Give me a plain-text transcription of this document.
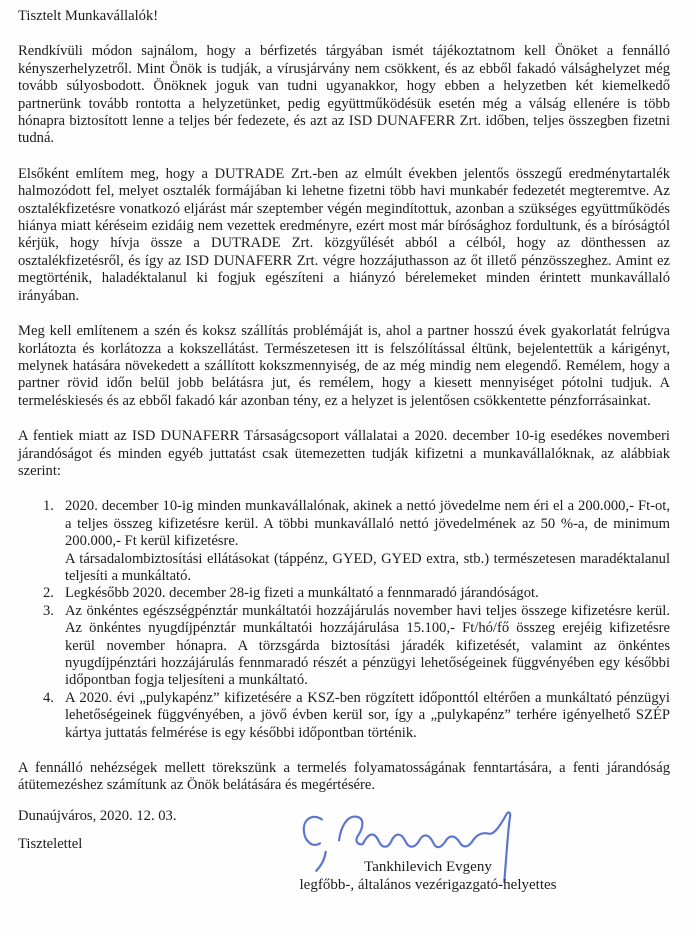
Tisztelt Munkavállalók!

Rendkívüli módon sajnálom, hogy a bérfizetés tárgyában ismét tájékoztatnom kell Önöket a fennálló kényszerhelyzetről. Mint Önök is tudják, a vírusjárvány nem csökkent, és az ebből fakadó válsághelyzet még tovább súlyosbodott. Önöknek joguk van tudni ugyanakkor, hogy ebben a helyzetben két kiemelkedő partnerünk tovább rontotta a helyzetünket, pedig együttműködésük esetén még a válság ellenére is több hónapra biztosított lenne a teljes bér fedezete, és azt az ISD DUNAFERR Zrt. időben, teljes összegben fizetni tudná.

Elsőként említem meg, hogy a DUTRADE Zrt.-ben az elmúlt években jelentős összegű eredménytartalék halmozódott fel, melyet osztalék formájában ki lehetne fizetni több havi munkabér fedezetét megteremtve. Az osztalékfizetésre vonatkozó eljárást már szeptember végén megindítottuk, azonban a szükséges együttműködés hiánya miatt kéréseim ezidáig nem vezettek eredményre, ezért most már bírósághoz fordultunk, és a bíróságtól kérjük, hogy hívja össze a DUTRADE Zrt. közgyűlését abból a célból, hogy az dönthessen az osztalékfizetésről, és így az ISD DUNAFERR Zrt. végre hozzájuthasson az őt illető pénzösszeghez. Amint ez megtörténik, haladéktalanul ki fogjuk egészíteni a hiányzó bérelemeket minden érintett munkavállaló irányában.

Meg kell említenem a szén és koksz szállítás problémáját is, ahol a partner hosszú évek gyakorlatát felrúgva korlátozta és korlátozza a kokszellátást. Természetesen itt is felszólítással éltünk, bejelentettük a kárigényt, melynek hatására növekedett a szállított kokszmennyiség, de az még mindig nem elegendő. Remélem, hogy a partner rövid időn belül jobb belátásra jut, és remélem, hogy a kiesett mennyiséget pótolni tudjuk. A termeléskiesés és az ebből fakadó kár azonban tény, ez a helyzet is jelentősen csökkentette pénzforrásainkat.

A fentiek miatt az ISD DUNAFERR Társaságcsoport vállalatai a 2020. december 10-ig esedékes novemberi járandóságot és minden egyéb juttatást csak ütemezetten tudják kifizetni a munkavállalóknak, az alábbiak szerint:

1. 2020. december 10-ig minden munkavállalónak, akinek a nettó jövedelme nem éri el a 200.000,- Ft-ot, a teljes összeg kifizetésre kerül. A többi munkavállaló nettó jövedelmének az 50 %-a, de minimum 200.000,- Ft kerül kifizetésre.
A társadalombiztosítási ellátásokat (táppénz, GYED, GYED extra, stb.) természetesen maradéktalanul teljesíti a munkáltató.
2. Legkésőbb 2020. december 28-ig fizeti a munkáltató a fennmaradó járandóságot.
3. Az önkéntes egészségpénztár munkáltatói hozzájárulás november havi teljes összege kifizetésre kerül. Az önkéntes nyugdíjpénztár munkáltatói hozzájárulása 15.100,- Ft/hó/fő összeg erejéig kifizetésre kerül november hónapra. A törzsgárda biztosítási járadék kifizetését, valamint az önkéntes nyugdíjpénztári hozzájárulás fennmaradó részét a pénzügyi lehetőségeinek függvényében egy későbbi időpontban fogja teljesíteni a munkáltató.
4. A 2020. évi „pulykapénz” kifizetésére a KSZ-ben rögzített időponttól eltérően a munkáltató pénzügyi lehetőségeinek függvényében, a jövő évben kerül sor, így a „pulykapénz” terhére igényelhető SZÉP kártya juttatás felmérése is egy későbbi időpontban történik.

A fennálló nehézségek mellett törekszünk a termelés folyamatosságának fenntartására, a fenti járandóság átütemezéshez számítunk az Önök belátására és megértésére.

Dunaújváros, 2020. 12. 03.

Tisztelettel
Tankhilevich Evgeny
legfőbb-, általános vezérigazgató-helyettes
